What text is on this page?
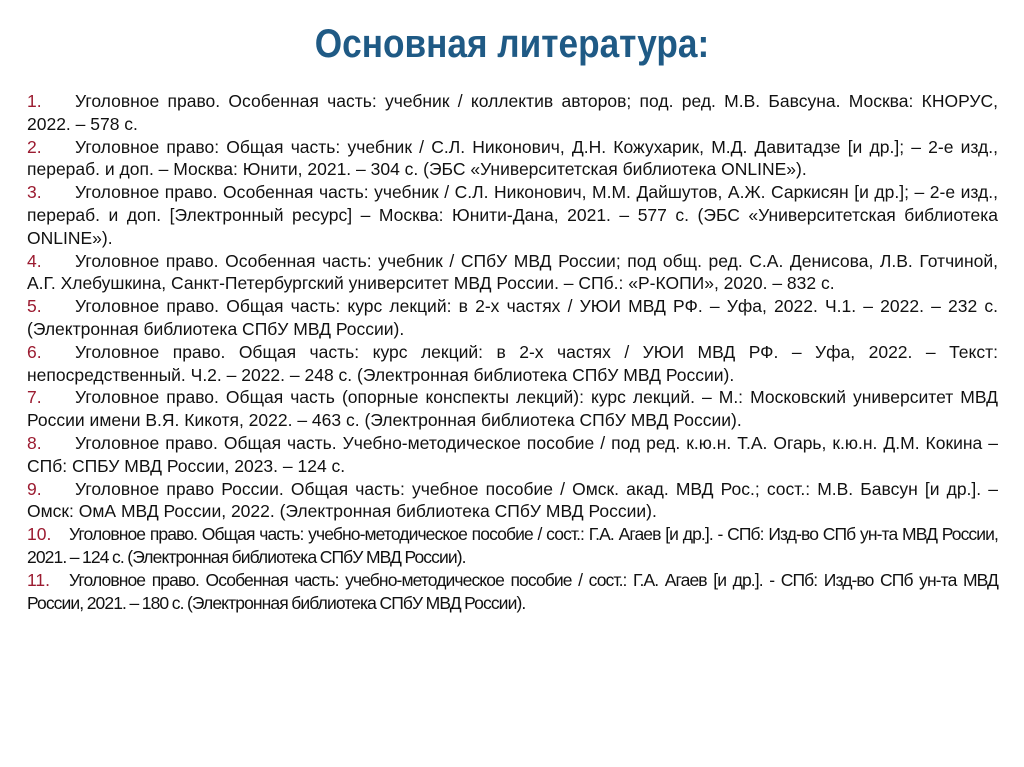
Основная литература:

1. Уголовное право. Особенная часть: учебник / коллектив авторов; под. ред. М.В. Бавсуна. Москва: КНОРУС, 2022. – 578 с.

2. Уголовное право: Общая часть: учебник / С.Л. Никонович, Д.Н. Кожухарик, М.Д. Давитадзе [и др.]; – 2-е изд., перераб. и доп. – Москва: Юнити, 2021. – 304 с. (ЭБС «Университетская библиотека ONLINE»).

3. Уголовное право. Особенная часть: учебник / С.Л. Никонович, М.М. Дайшутов, А.Ж. Саркисян [и др.]; – 2-е изд., перераб. и доп. [Электронный ресурс] – Москва: Юнити-Дана, 2021. – 577 с. (ЭБС «Университетская библиотека ONLINE»).

4. Уголовное право. Особенная часть: учебник / СПбУ МВД России; под общ. ред. С.А. Денисова, Л.В. Готчиной, А.Г. Хлебушкина, Санкт-Петербургский университет МВД России. – СПб.: «Р-КОПИ», 2020. – 832 с.

5. Уголовное право. Общая часть: курс лекций: в 2-х частях / УЮИ МВД РФ. – Уфа, 2022. Ч.1. – 2022. – 232 с. (Электронная библиотека СПбУ МВД России).

6. Уголовное право. Общая часть: курс лекций: в 2-х частях / УЮИ МВД РФ. – Уфа, 2022. – Текст: непосредственный. Ч.2. – 2022. – 248 с. (Электронная библиотека СПбУ МВД России).

7. Уголовное право. Общая часть (опорные конспекты лекций): курс лекций. – М.: Московский университет МВД России имени В.Я. Кикотя, 2022. – 463 с. (Электронная библиотека СПбУ МВД России).

8. Уголовное право. Общая часть. Учебно-методическое пособие / под ред. к.ю.н. Т.А. Огарь, к.ю.н. Д.М. Кокина – СПб: СПБУ МВД России, 2023. – 124 с.

9. Уголовное право России. Общая часть: учебное пособие / Омск. акад. МВД Рос.; сост.: М.В. Бавсун [и др.]. – Омск: ОмА МВД России, 2022. (Электронная библиотека СПбУ МВД России).

10. Уголовное право. Общая часть: учебно-методическое пособие / сост.: Г.А. Агаев [и др.]. - СПб: Изд-во СПб ун-та МВД России, 2021. – 124 с. (Электронная библиотека СПбУ МВД России).

11. Уголовное право. Особенная часть: учебно-методическое пособие / сост.: Г.А. Агаев [и др.]. - СПб: Изд-во СПб ун-та МВД России, 2021. – 180 с. (Электронная библиотека СПбУ МВД России).
